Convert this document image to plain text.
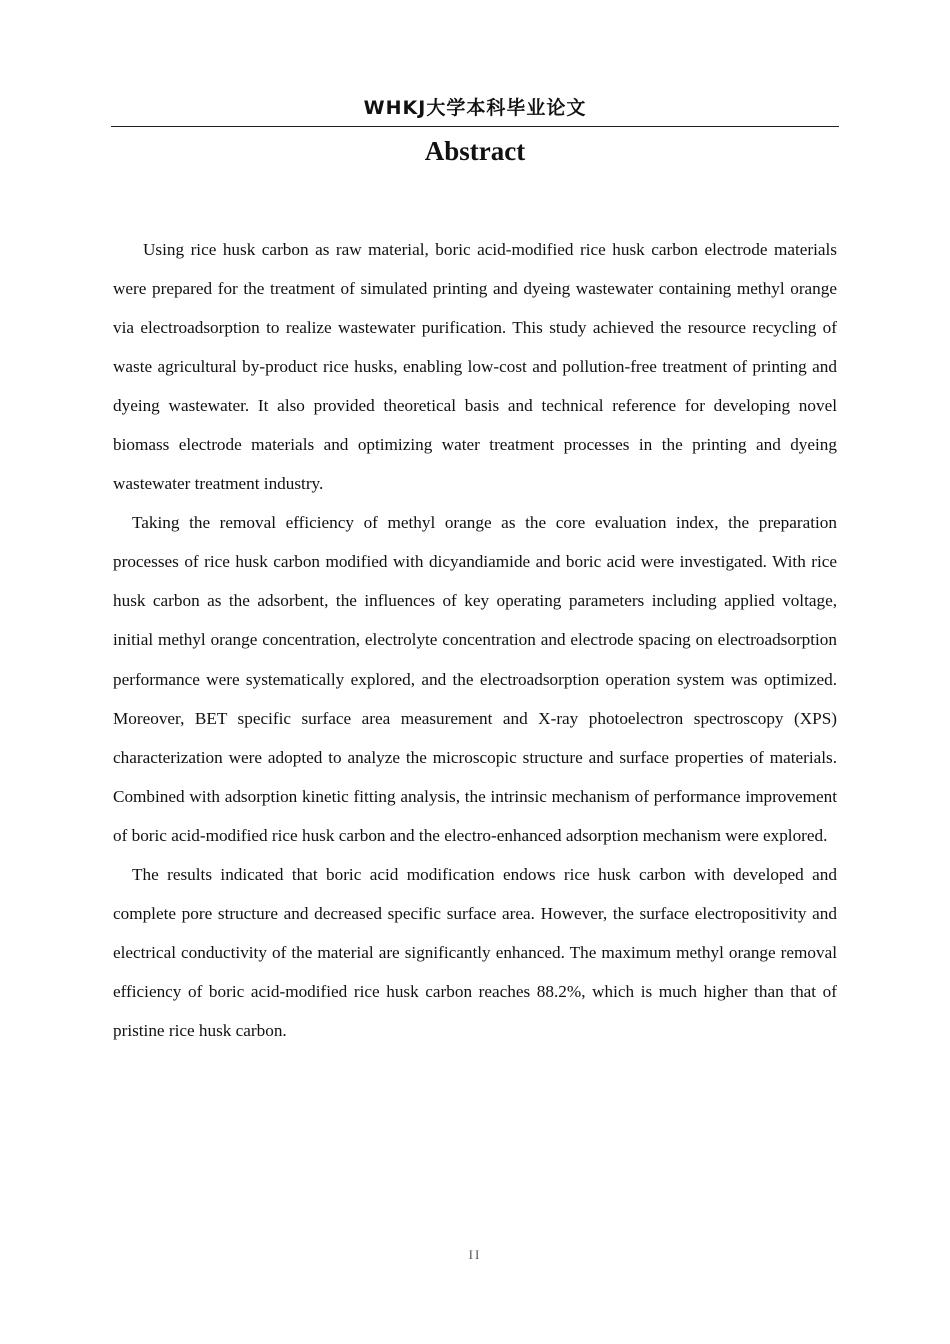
WHKJ大学本科毕业论文
Abstract

Using rice husk carbon as raw material, boric acid-modified rice husk carbon electrode materials were prepared for the treatment of simulated printing and dyeing wastewater containing methyl orange via electroadsorption to realize wastewater purification. This study achieved the resource recycling of waste agricultural by-product rice husks, enabling low-cost and pollution-free treatment of printing and dyeing wastewater. It also provided theoretical basis and technical reference for developing novel biomass electrode materials and optimizing water treatment processes in the printing and dyeing wastewater treatment industry.

Taking the removal efficiency of methyl orange as the core evaluation index, the preparation processes of rice husk carbon modified with dicyandiamide and boric acid were investigated. With rice husk carbon as the adsorbent, the influences of key operating parameters including applied voltage, initial methyl orange concentration, electrolyte concentration and electrode spacing on electroadsorption performance were systematically explored, and the electroadsorption operation system was optimized. Moreover, BET specific surface area measurement and X-ray photoelectron spectroscopy (XPS) characterization were adopted to analyze the microscopic structure and surface properties of materials. Combined with adsorption kinetic fitting analysis, the intrinsic mechanism of performance improvement of boric acid-modified rice husk carbon and the electro-enhanced adsorption mechanism were explored.

The results indicated that boric acid modification endows rice husk carbon with developed and complete pore structure and decreased specific surface area. However, the surface electropositivity and electrical conductivity of the material are significantly enhanced. The maximum methyl orange removal efficiency of boric acid-modified rice husk carbon reaches 88.2%, which is much higher than that of pristine rice husk carbon.

II
